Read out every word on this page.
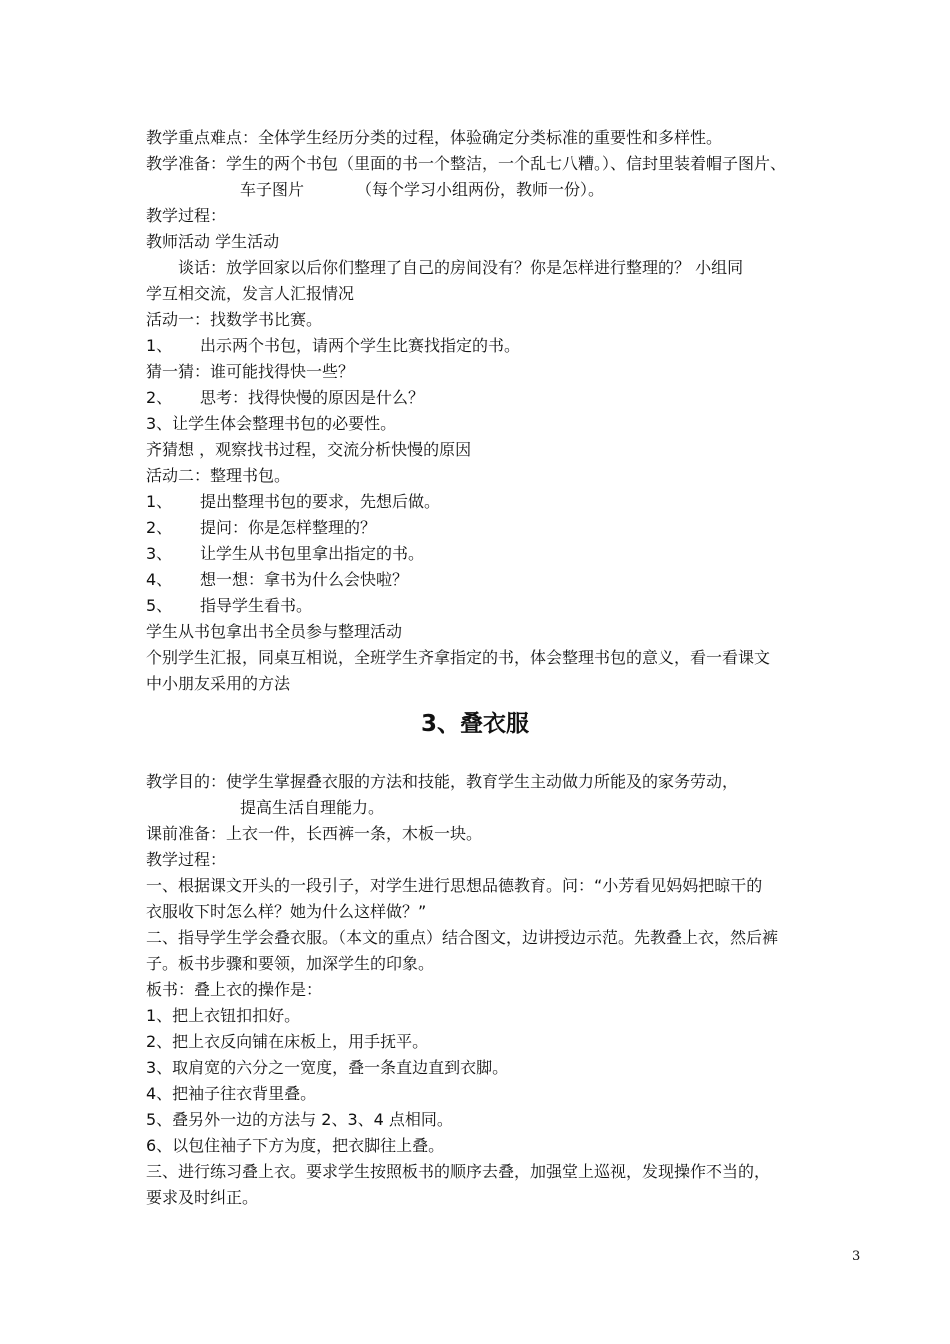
教学重点难点：全体学生经历分类的过程，体验确定分类标准的重要性和多样性。
教学准备：学生的两个书包（里面的书一个整洁，一个乱七八糟。）、信封里装着帽子图片、
车子图片	（每个学习小组两份，教师一份）。
教学过程：
教师活动 学生活动
谈话：放学回家以后你们整理了自己的房间没有？你是怎样进行整理的？ 小组同
学互相交流，发言人汇报情况
活动一：找数学书比赛。
1、 出示两个书包，请两个学生比赛找指定的书。
猜一猜：谁可能找得快一些？
2、 思考：找得快慢的原因是什么？
3、让学生体会整理书包的必要性。
齐猜想 ，观察找书过程，交流分析快慢的原因
活动二：整理书包。
1、 提出整理书包的要求，先想后做。
2、 提问：你是怎样整理的？
3、 让学生从书包里拿出指定的书。
4、 想一想：拿书为什么会快啦？
5、 指导学生看书。
学生从书包拿出书全员参与整理活动
个别学生汇报，同桌互相说，全班学生齐拿指定的书，体会整理书包的意义，看一看课文
中小朋友采用的方法
3、叠衣服
教学目的：使学生掌握叠衣服的方法和技能，教育学生主动做力所能及的家务劳动，
提高生活自理能力。
课前准备：上衣一件，长西裤一条，木板一块。
教学过程：
一、根据课文开头的一段引子，对学生进行思想品德教育。问：“小芳看见妈妈把晾干的
衣服收下时怎么样？她为什么这样做？”
二、指导学生学会叠衣服。（本文的重点）结合图文，边讲授边示范。先教叠上衣，然后裤
子。板书步骤和要领，加深学生的印象。
板书：叠上衣的操作是：
1、把上衣钮扣扣好。
2、把上衣反向铺在床板上，用手抚平。
3、取肩宽的六分之一宽度，叠一条直边直到衣脚。
4、把袖子往衣背里叠。
5、叠另外一边的方法与 2、3、4 点相同。
6、以包住袖子下方为度，把衣脚往上叠。
三、进行练习叠上衣。要求学生按照板书的顺序去叠，加强堂上巡视，发现操作不当的，
要求及时纠正。
3
